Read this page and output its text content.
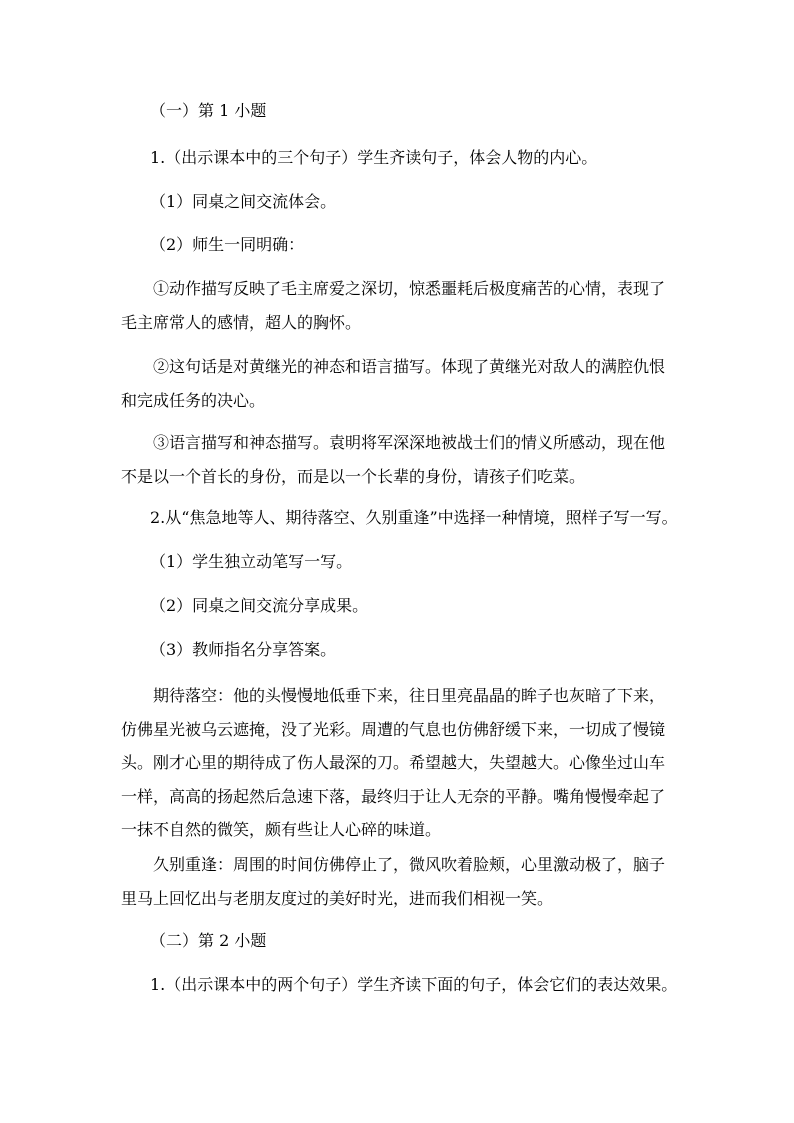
（一）第 1 小题
1.（出示课本中的三个句子）学生齐读句子，体会人物的内心。
（1）同桌之间交流体会。
（2）师生一同明确：
①动作描写反映了毛主席爱之深切，惊悉噩耗后极度痛苦的心情，表现了毛主席常人的感情，超人的胸怀。
②这句话是对黄继光的神态和语言描写。体现了黄继光对敌人的满腔仇恨和完成任务的决心。
③语言描写和神态描写。袁明将军深深地被战士们的情义所感动，现在他不是以一个首长的身份，而是以一个长辈的身份，请孩子们吃菜。
2.从“焦急地等人、期待落空、久别重逢”中选择一种情境，照样子写一写。
（1）学生独立动笔写一写。
（2）同桌之间交流分享成果。
（3）教师指名分享答案。
期待落空：他的头慢慢地低垂下来，往日里亮晶晶的眸子也灰暗了下来，仿佛星光被乌云遮掩，没了光彩。周遭的气息也仿佛舒缓下来，一切成了慢镜头。刚才心里的期待成了伤人最深的刀。希望越大，失望越大。心像坐过山车一样，高高的扬起然后急速下落，最终归于让人无奈的平静。嘴角慢慢牵起了一抹不自然的微笑，颇有些让人心碎的味道。
久别重逢：周围的时间仿佛停止了，微风吹着脸颊，心里激动极了，脑子里马上回忆出与老朋友度过的美好时光，进而我们相视一笑。
（二）第 2 小题
1.（出示课本中的两个句子）学生齐读下面的句子，体会它们的表达效果。
